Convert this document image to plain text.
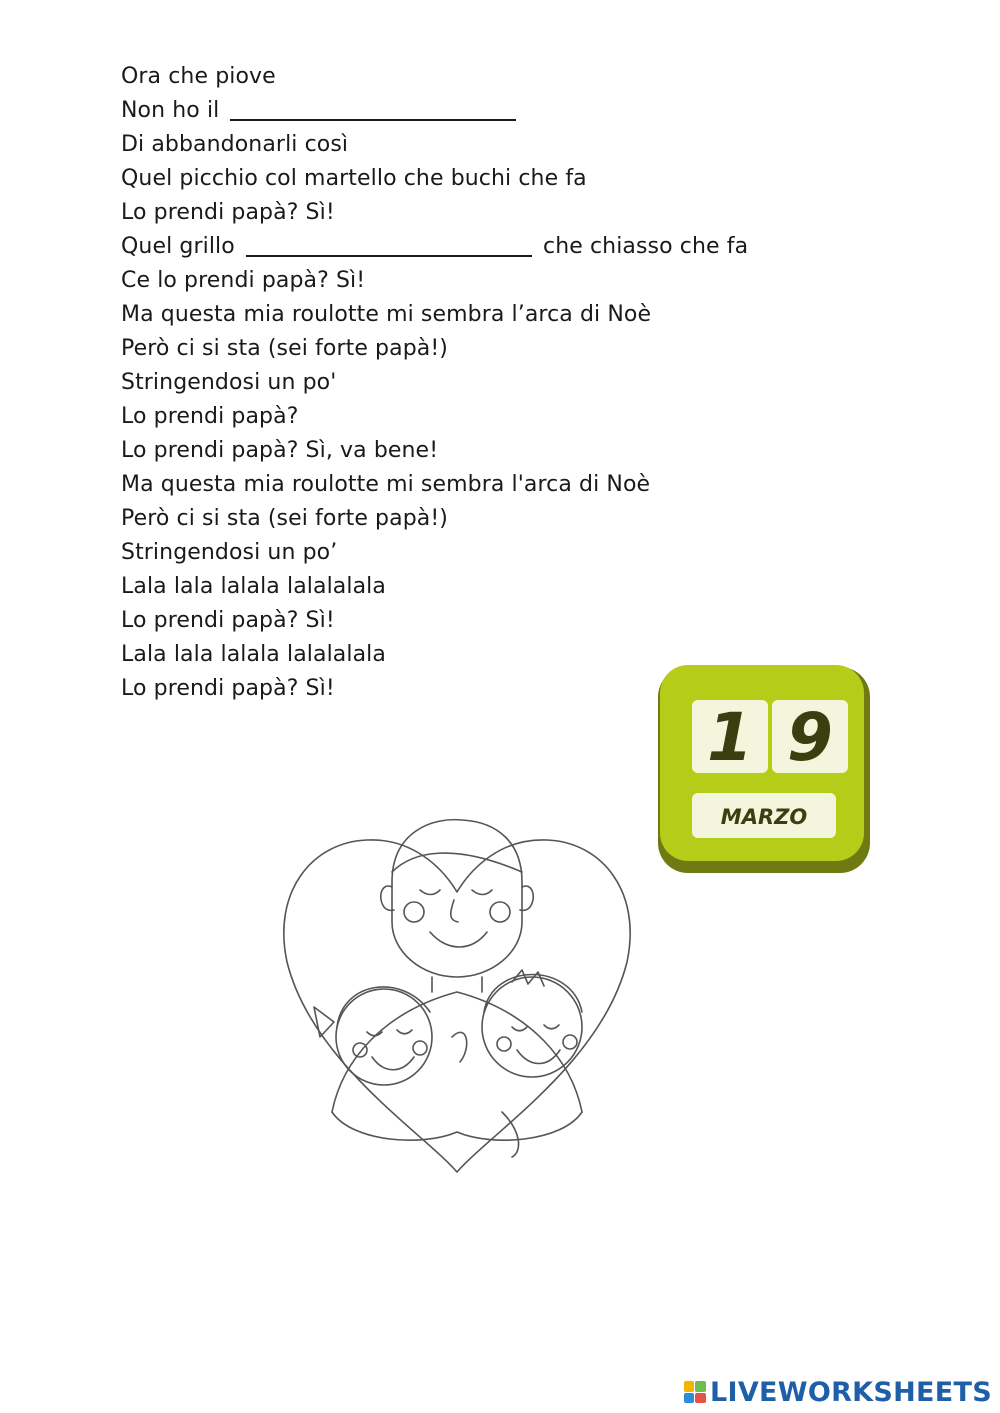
Ora che piove
Non ho il
Di abbandonarli così
Quel picchio col martello che buchi che fa
Lo prendi papà? Sì!
Quel grillo	che chiasso che fa
Ce lo prendi papà? Sì!
Ma questa mia roulotte mi sembra l’arca di Noè
Però ci si sta (sei forte papà!)
Stringendosi un po'
Lo prendi papà?
Lo prendi papà? Sì, va bene!
Ma questa mia roulotte mi sembra l'arca di Noè
Però ci si sta (sei forte papà!)
Stringendosi un po’
Lala lala lalala lalalalala
Lo prendi papà? Sì!
Lala lala lalala lalalalala
Lo prendi papà? Sì!
1 9
MARZO
LIVEWORKSHEETS
